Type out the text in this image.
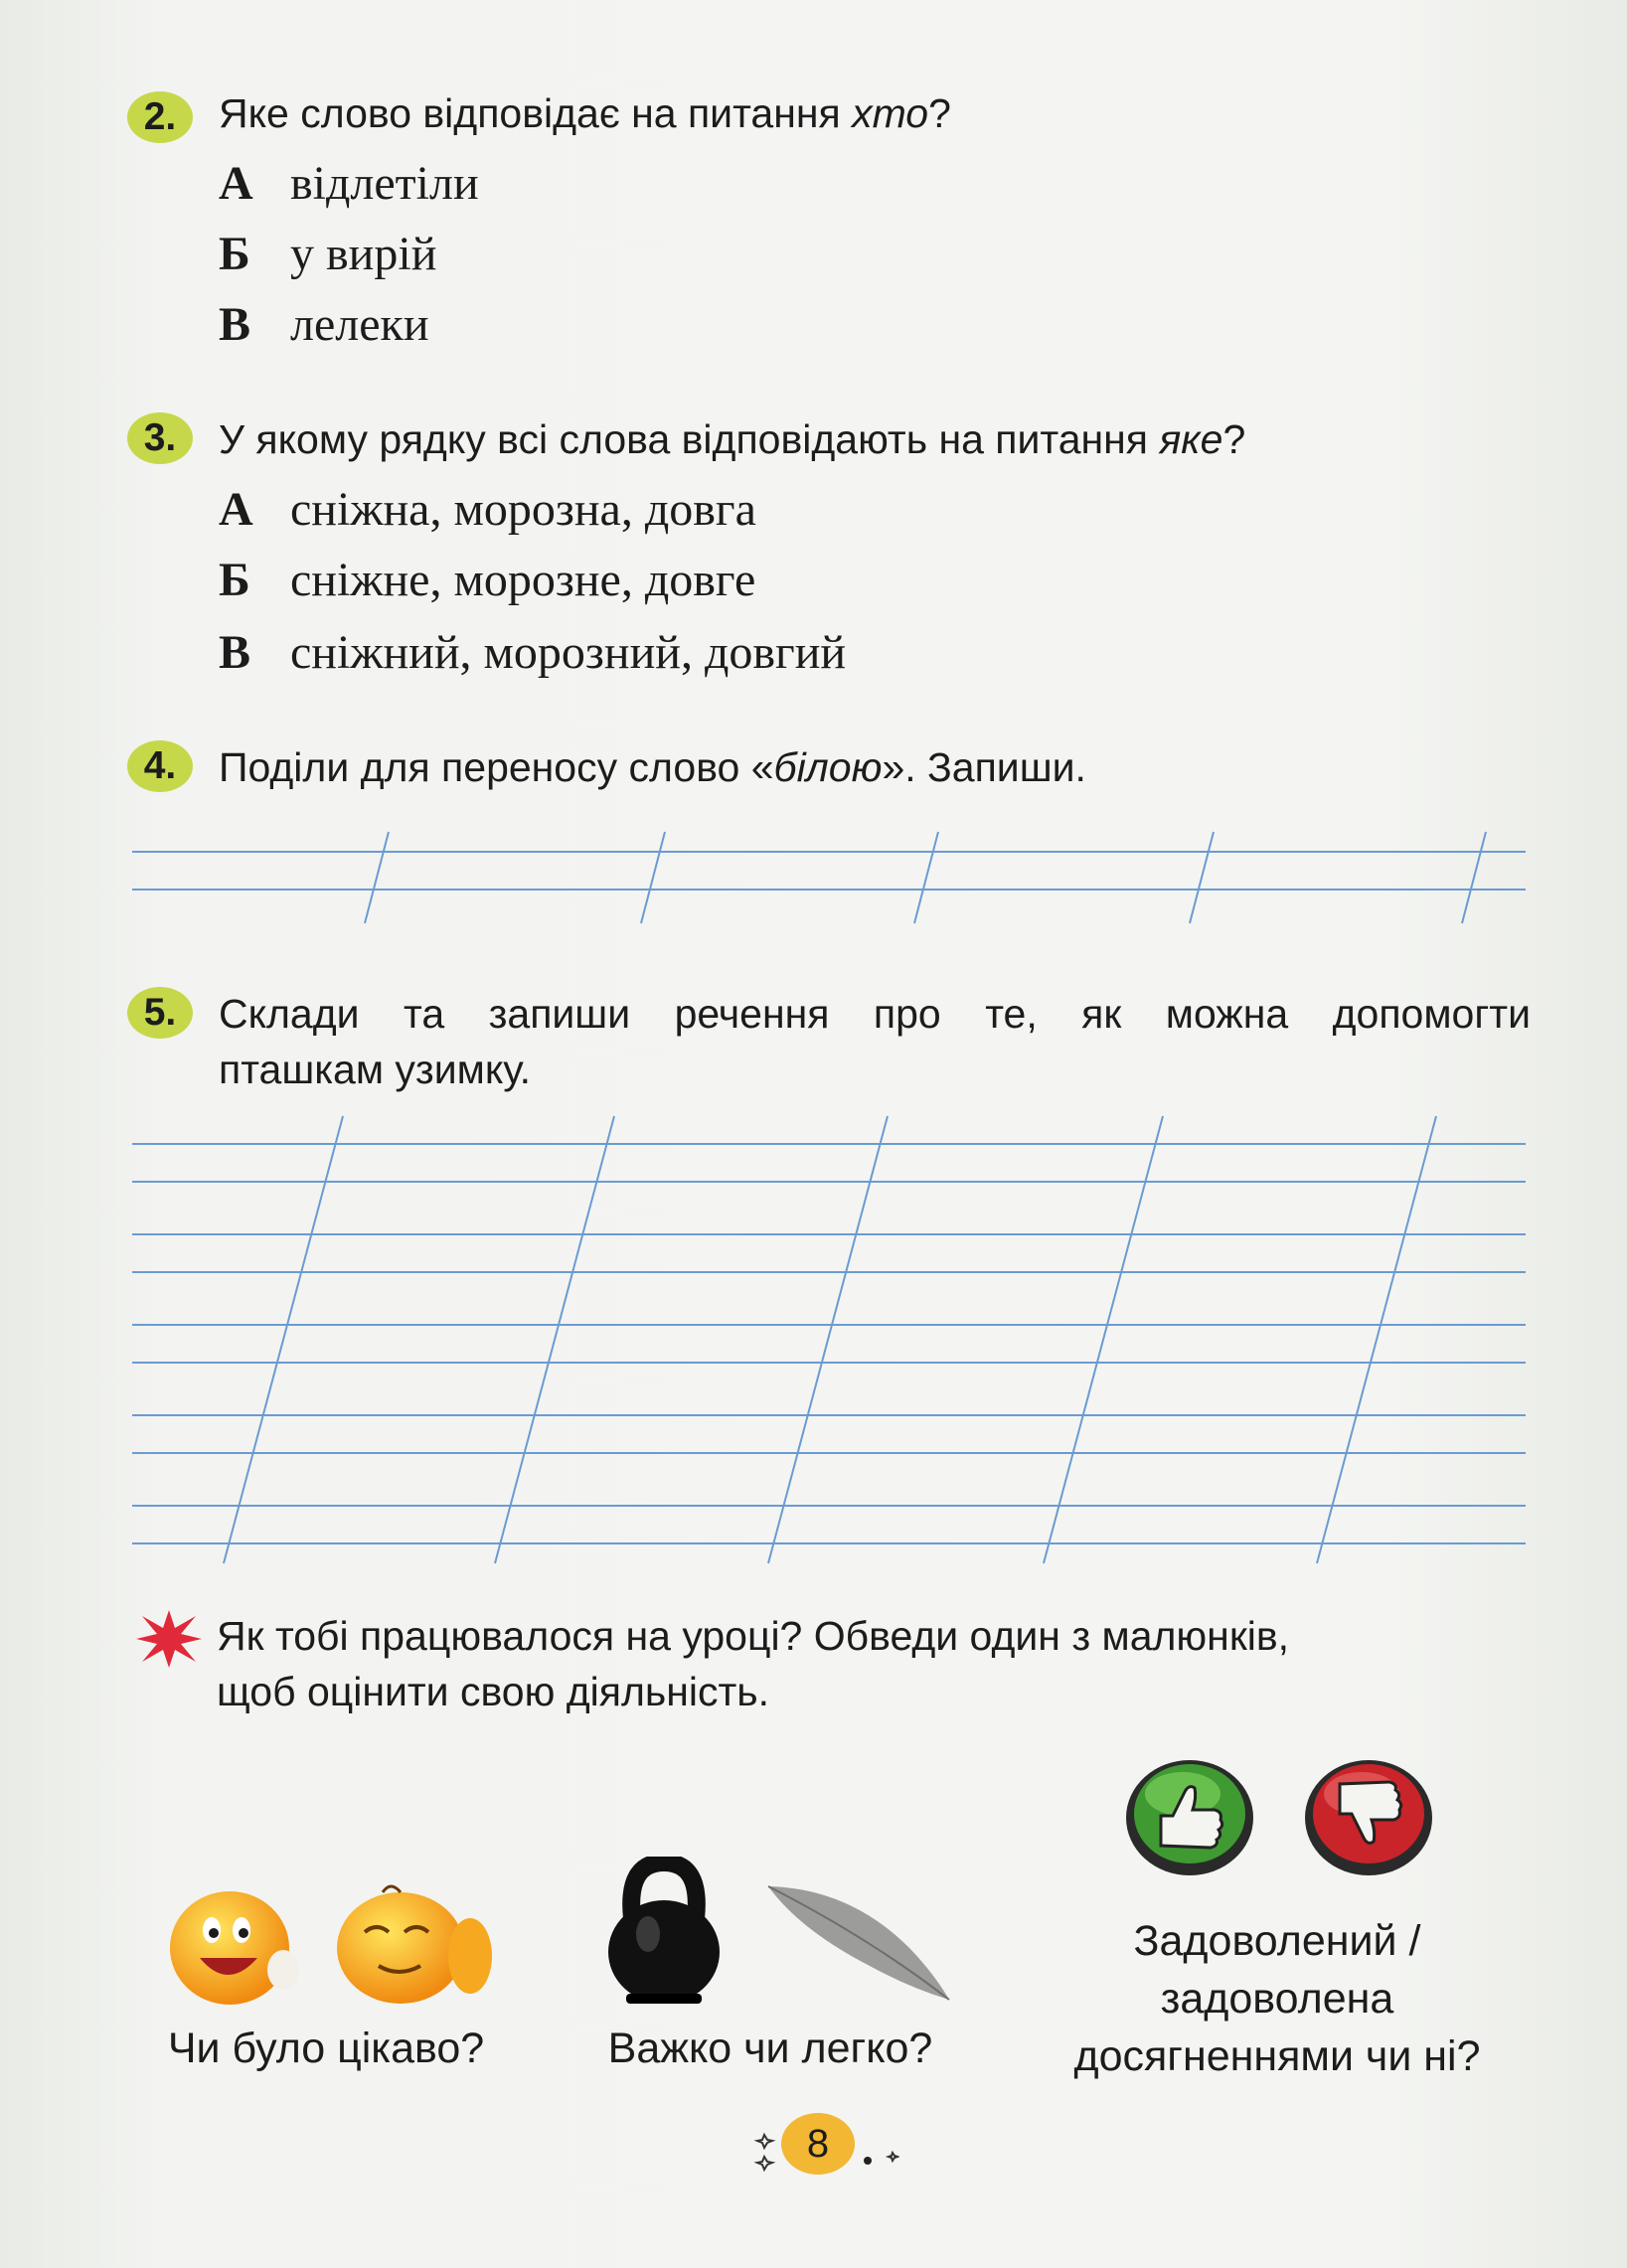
2.	Яке слово відповідає на питання хто?
А відлетіли
Б у вирій
В лелеки
3.	У якому рядку всі слова відповідають на питання яке?
А сніжна, морозна, довга
Б сніжне, морозне, довге
В сніжний, морозний, довгий
4.	Поділи для переносу слово «білою». Запиши.
5.	Склади та запиши речення про те, як можна допомогти
пташкам узимку.
Як тобі працювалося на уроці? Обведи один з малюнків,
щоб оцінити свою діяльність.
Чи було цікаво?	Важко чи легко?
Задоволений /
задоволена
досягненнями чи ні?
8
